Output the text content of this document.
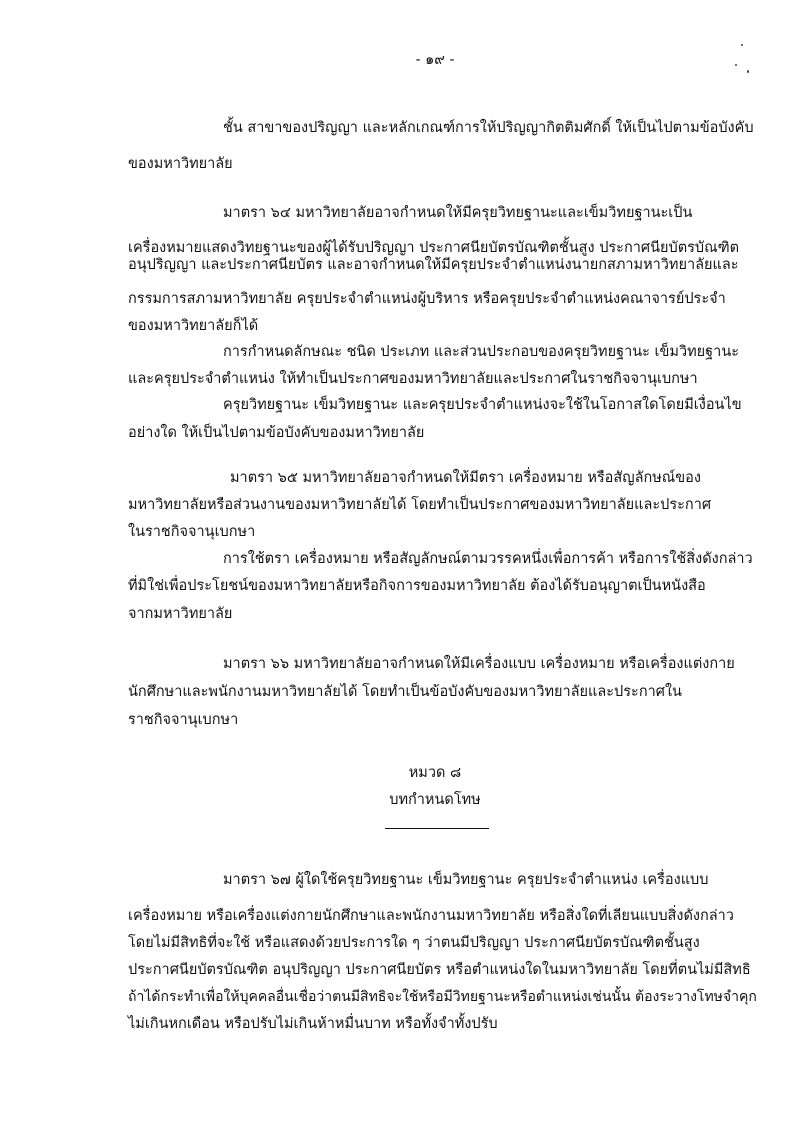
- ๑๙ -
ชั้น สาขาของปริญญา และหลักเกณฑ์การให้ปริญญากิตติมศักดิ์ ให้เป็นไปตามข้อบังคับ
ของมหาวิทยาลัย
มาตรา ๖๔ มหาวิทยาลัยอาจกำหนดให้มีครุยวิทยฐานะและเข็มวิทยฐานะเป็น
เครื่องหมายแสดงวิทยฐานะของผู้ได้รับปริญญา ประกาศนียบัตรบัณฑิตชั้นสูง ประกาศนียบัตรบัณฑิต
อนุปริญญา และประกาศนียบัตร และอาจกำหนดให้มีครุยประจำตำแหน่งนายกสภามหาวิทยาลัยและ
กรรมการสภามหาวิทยาลัย ครุยประจำตำแหน่งผู้บริหาร หรือครุยประจำตำแหน่งคณาจารย์ประจำ
ของมหาวิทยาลัยก็ได้
การกำหนดลักษณะ ชนิด ประเภท และส่วนประกอบของครุยวิทยฐานะ เข็มวิทยฐานะ
และครุยประจำตำแหน่ง ให้ทำเป็นประกาศของมหาวิทยาลัยและประกาศในราชกิจจานุเบกษา
ครุยวิทยฐานะ เข็มวิทยฐานะ และครุยประจำตำแหน่งจะใช้ในโอกาสใดโดยมีเงื่อนไข
อย่างใด ให้เป็นไปตามข้อบังคับของมหาวิทยาลัย
มาตรา ๖๕ มหาวิทยาลัยอาจกำหนดให้มีตรา เครื่องหมาย หรือสัญลักษณ์ของ
มหาวิทยาลัยหรือส่วนงานของมหาวิทยาลัยได้ โดยทำเป็นประกาศของมหาวิทยาลัยและประกาศ
ในราชกิจจานุเบกษา
การใช้ตรา เครื่องหมาย หรือสัญลักษณ์ตามวรรคหนึ่งเพื่อการค้า หรือการใช้สิ่งดังกล่าว
ที่มิใช่เพื่อประโยชน์ของมหาวิทยาลัยหรือกิจการของมหาวิทยาลัย ต้องได้รับอนุญาตเป็นหนังสือ
จากมหาวิทยาลัย
มาตรา ๖๖ มหาวิทยาลัยอาจกำหนดให้มีเครื่องแบบ เครื่องหมาย หรือเครื่องแต่งกาย
นักศึกษาและพนักงานมหาวิทยาลัยได้ โดยทำเป็นข้อบังคับของมหาวิทยาลัยและประกาศใน
ราชกิจจานุเบกษา
หมวด ๘
บทกำหนดโทษ
มาตรา ๖๗ ผู้ใดใช้ครุยวิทยฐานะ เข็มวิทยฐานะ ครุยประจำตำแหน่ง เครื่องแบบ
เครื่องหมาย หรือเครื่องแต่งกายนักศึกษาและพนักงานมหาวิทยาลัย หรือสิ่งใดที่เลียนแบบสิ่งดังกล่าว
โดยไม่มีสิทธิที่จะใช้ หรือแสดงด้วยประการใด ๆ ว่าตนมีปริญญา ประกาศนียบัตรบัณฑิตชั้นสูง
ประกาศนียบัตรบัณฑิต อนุปริญญา ประกาศนียบัตร หรือตำแหน่งใดในมหาวิทยาลัย โดยที่ตนไม่มีสิทธิ
ถ้าได้กระทำเพื่อให้บุคคลอื่นเชื่อว่าตนมีสิทธิจะใช้หรือมีวิทยฐานะหรือตำแหน่งเช่นนั้น ต้องระวางโทษจำคุก
ไม่เกินหกเดือน หรือปรับไม่เกินห้าหมื่นบาท หรือทั้งจำทั้งปรับ
